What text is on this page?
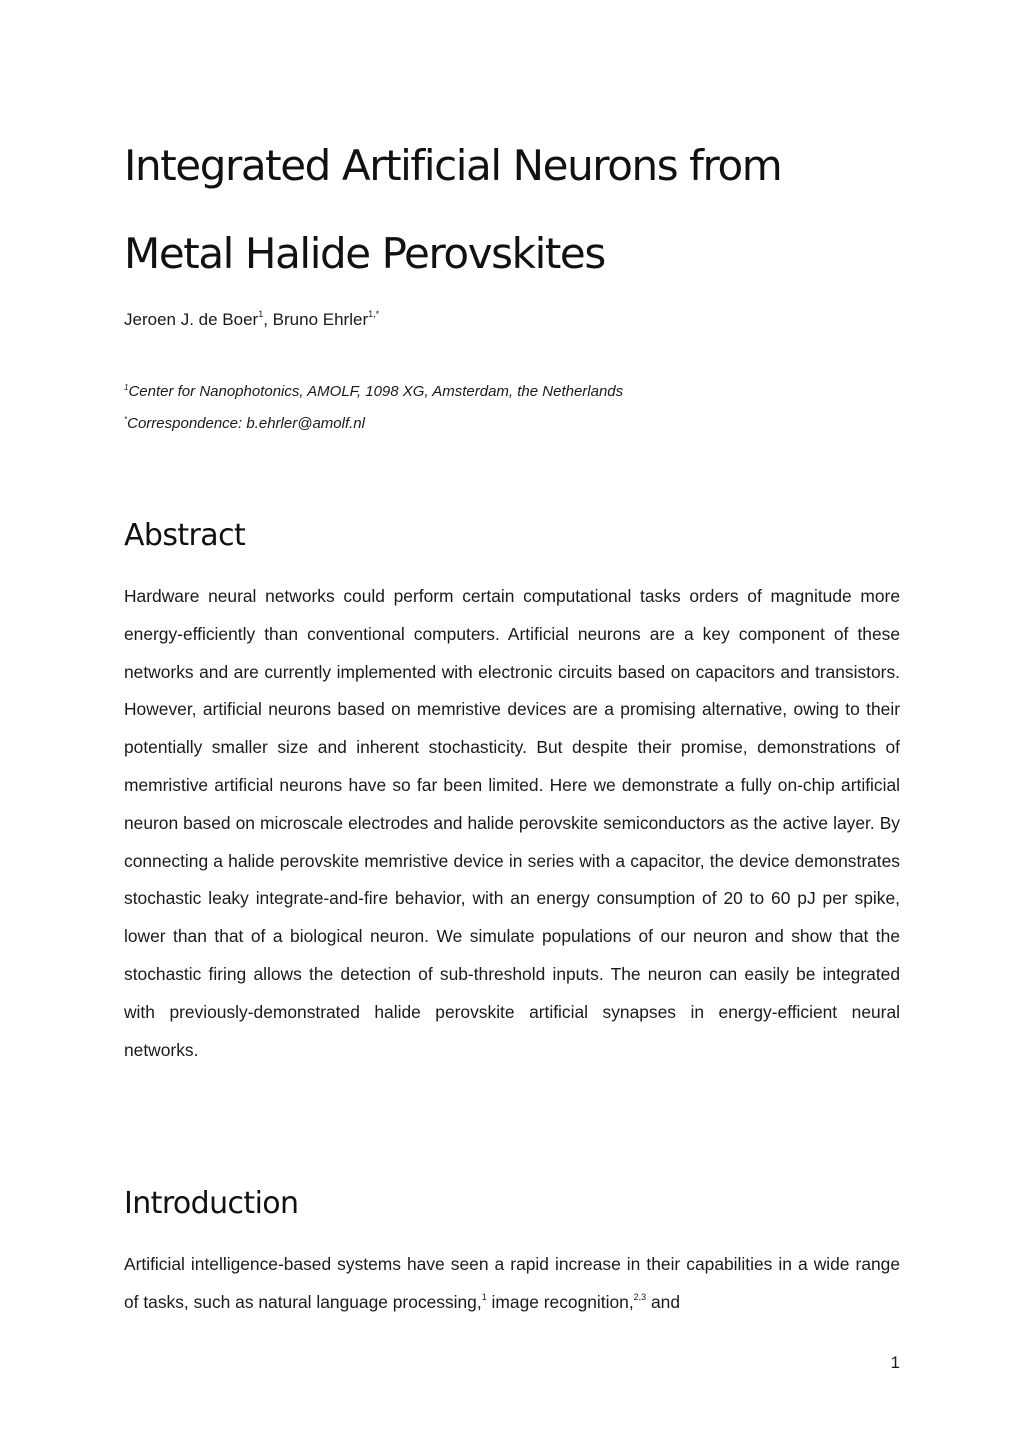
Integrated Artificial Neurons from Metal Halide Perovskites

Jeroen J. de Boer$^1$, Bruno Ehrler$^{1,*}$

$^1$Center for Nanophotonics, AMOLF, 1098 XG, Amsterdam, the Netherlands

*Correspondence: b.ehrler@amolf.nl

Abstract

Hardware neural networks could perform certain computational tasks orders of magnitude more energy-efficiently than conventional computers. Artificial neurons are a key component of these networks and are currently implemented with electronic circuits based on capacitors and transistors. However, artificial neurons based on memristive devices are a promising alternative, owing to their potentially smaller size and inherent stochasticity. But despite their promise, demonstrations of memristive artificial neurons have so far been limited. Here we demonstrate a fully on-chip artificial neuron based on microscale electrodes and halide perovskite semiconductors as the active layer. By connecting a halide perovskite memristive device in series with a capacitor, the device demonstrates stochastic leaky integrate-and-fire behavior, with an energy consumption of 20 to 60 pJ per spike, lower than that of a biological neuron. We simulate populations of our neuron and show that the stochastic firing allows the detection of sub-threshold inputs. The neuron can easily be integrated with previously-demonstrated halide perovskite artificial synapses in energy-efficient neural networks.

Introduction

Artificial intelligence-based systems have seen a rapid increase in their capabilities in a wide range of tasks, such as natural language processing,$^1$ image recognition,$^{2,3}$ and

1
